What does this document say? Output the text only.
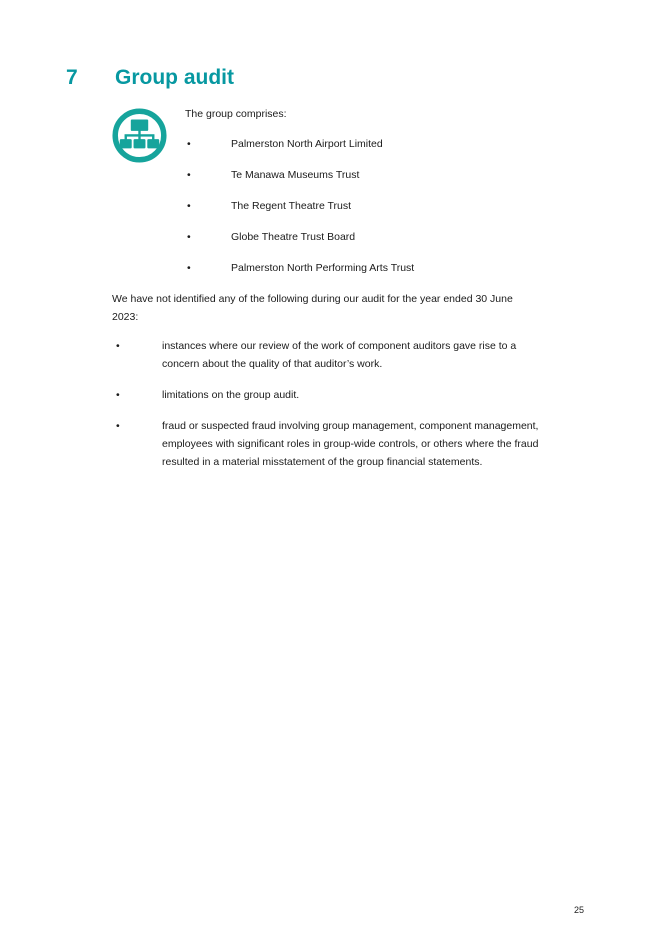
7	Group audit

The group comprises:

•	Palmerston North Airport Limited
•	Te Manawa Museums Trust
•	The Regent Theatre Trust
•	Globe Theatre Trust Board
•	Palmerston North Performing Arts Trust

We have not identified any of the following during our audit for the year ended 30 June
2023:

•	instances where our review of the work of component auditors gave rise to a
concern about the quality of that auditor’s work.
•	limitations on the group audit.
•	fraud or suspected fraud involving group management, component management,
employees with significant roles in group-wide controls, or others where the fraud
resulted in a material misstatement of the group financial statements.
25
